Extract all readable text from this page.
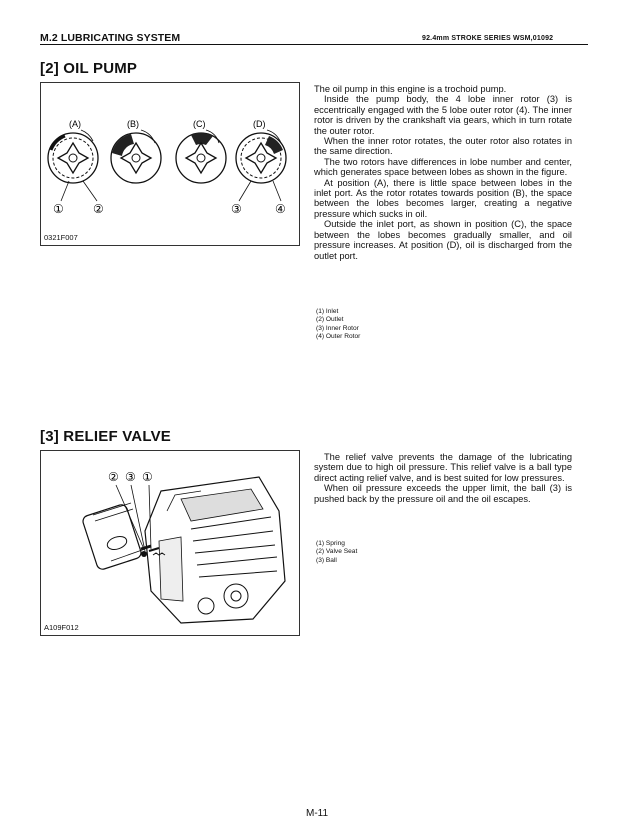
M.2 LUBRICATING SYSTEM	92.4mm STROKE SERIES WSM,01092
[2] OIL PUMP
(A)	(B)	(C)	(D)
① ②	③	④
0321F007

The oil pump in this engine is a trochoid pump.

Inside the pump body, the 4 lobe inner rotor (3) is eccentrically engaged with the 5 lobe outer rotor (4). The inner rotor is driven by the crankshaft via gears, which in turn rotate the outer rotor.

When the inner rotor rotates, the outer rotor also rotates in the same direction.

The two rotors have differences in lobe number and center, which generates space between lobes as shown in the figure.

At position (A), there is little space between lobes in the inlet port. As the rotor rotates towards position (B), the space between the lobes becomes larger, creating a negative pressure which sucks in oil.

Outside the inlet port, as shown in position (C), the space between the lobes becomes gradually smaller, and oil pressure increases. At position (D), oil is discharged from the outlet port.

(1) Inlet
(2) Outlet
(3) Inner Rotor
(4) Outer Rotor
[3] RELIEF VALVE
② ③ ①
A109F012

The relief valve prevents the damage of the lubricating system due to high oil pressure. This relief valve is a ball type direct acting relief valve, and is best suited for low pressures.

When oil pressure exceeds the upper limit, the ball (3) is pushed back by the pressure oil and the oil escapes.

(1) Spring
(2) Valve Seat
(3) Ball
M-11
